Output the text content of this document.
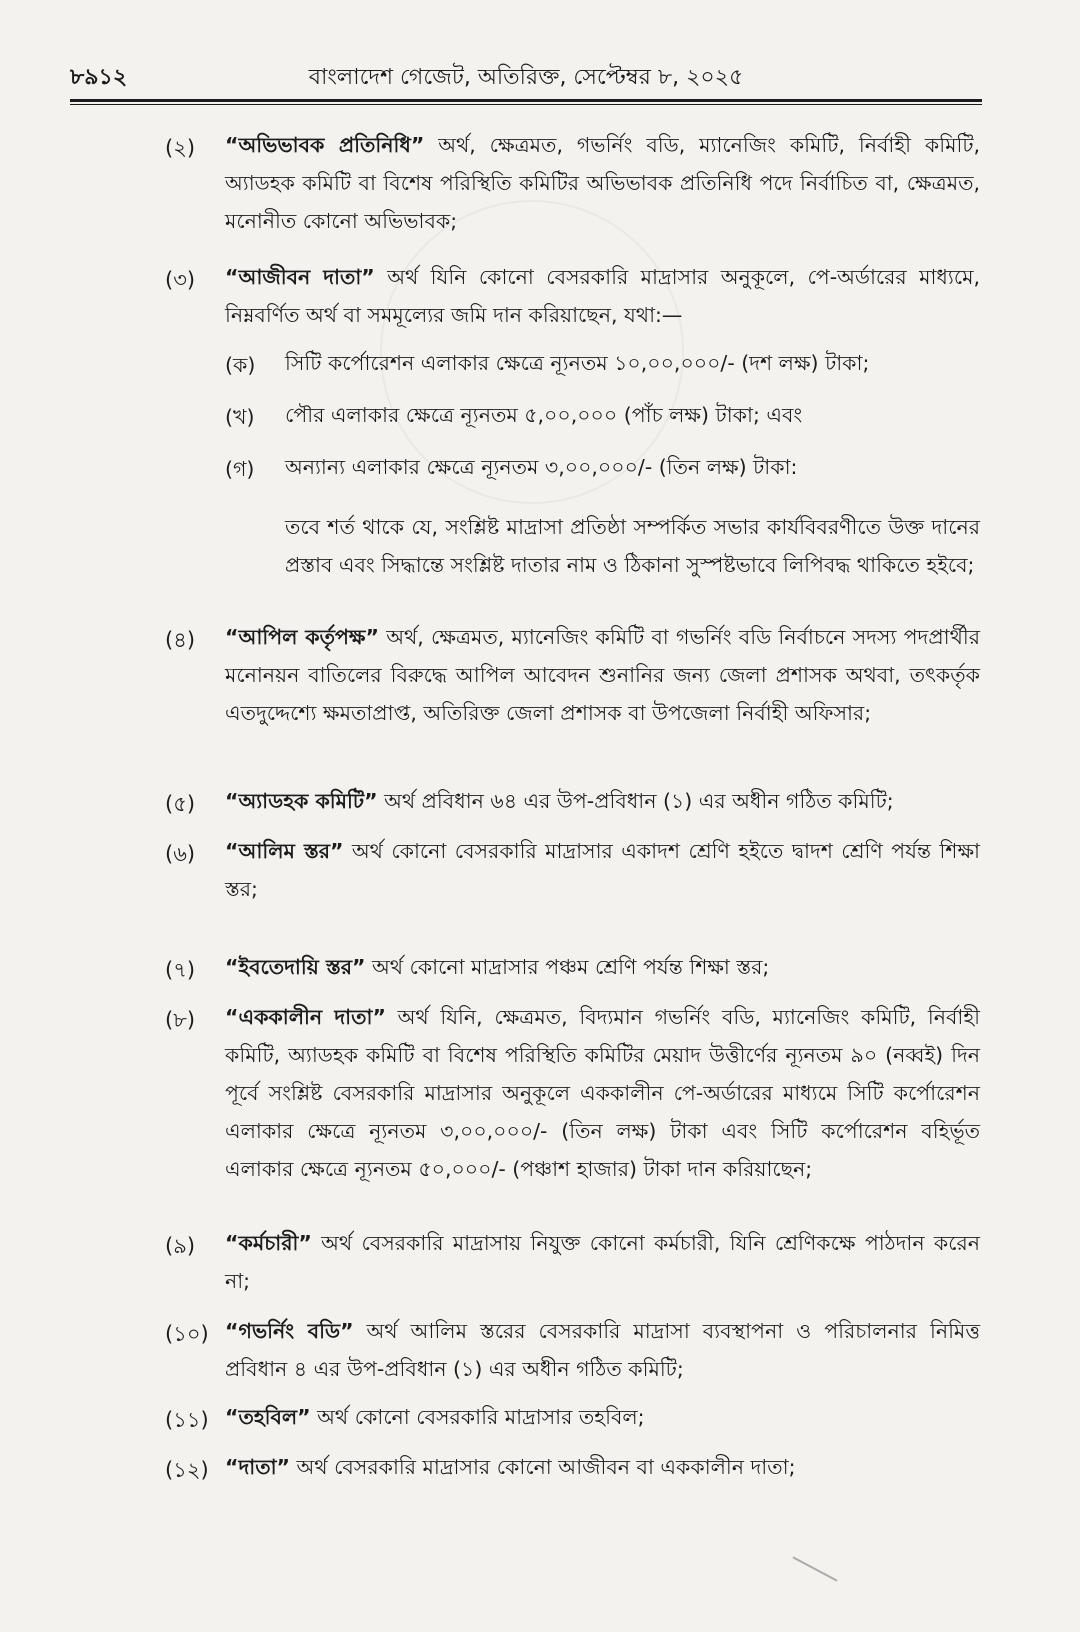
৮৯১২	বাংলাদেশ গেজেট, অতিরিক্ত, সেপ্টেম্বর ৮, ২০২৫
(২) “অভিভাবক প্রতিনিধি” অর্থ, ক্ষেত্রমত, গভর্নিং বডি, ম্যানেজিং কমিটি, নির্বাহী কমিটি, অ্যাডহক কমিটি বা বিশেষ পরিস্থিতি কমিটির অভিভাবক প্রতিনিধি পদে নির্বাচিত বা, ক্ষেত্রমত, মনোনীত কোনো অভিভাবক;
(৩) “আজীবন দাতা” অর্থ যিনি কোনো বেসরকারি মাদ্রাসার অনুকূলে, পে-অর্ডারের মাধ্যমে, নিম্নবর্ণিত অর্থ বা সমমূল্যের জমি দান করিয়াছেন, যথা:—
(ক) সিটি কর্পোরেশন এলাকার ক্ষেত্রে ন্যূনতম ১০,০০,০০০/- (দশ লক্ষ) টাকা;
(খ) পৌর এলাকার ক্ষেত্রে ন্যূনতম ৫,০০,০০০ (পাঁচ লক্ষ) টাকা; এবং
(গ) অন্যান্য এলাকার ক্ষেত্রে ন্যূনতম ৩,০০,০০০/- (তিন লক্ষ) টাকা:
তবে শর্ত থাকে যে, সংশ্লিষ্ট মাদ্রাসা প্রতিষ্ঠা সম্পর্কিত সভার কার্যবিবরণীতে উক্ত দানের প্রস্তাব এবং সিদ্ধান্তে সংশ্লিষ্ট দাতার নাম ও ঠিকানা সুস্পষ্টভাবে লিপিবদ্ধ থাকিতে হইবে;
(৪) “আপিল কর্তৃপক্ষ” অর্থ, ক্ষেত্রমত, ম্যানেজিং কমিটি বা গভর্নিং বডি নির্বাচনে সদস্য পদপ্রার্থীর মনোনয়ন বাতিলের বিরুদ্ধে আপিল আবেদন শুনানির জন্য জেলা প্রশাসক অথবা, তৎকর্তৃক এতদুদ্দেশ্যে ক্ষমতাপ্রাপ্ত, অতিরিক্ত জেলা প্রশাসক বা উপজেলা নির্বাহী অফিসার;
(৫) “অ্যাডহক কমিটি” অর্থ প্রবিধান ৬৪ এর উপ-প্রবিধান (১) এর অধীন গঠিত কমিটি;
(৬) “আলিম স্তর” অর্থ কোনো বেসরকারি মাদ্রাসার একাদশ শ্রেণি হইতে দ্বাদশ শ্রেণি পর্যন্ত শিক্ষা স্তর;
(৭) “ইবতেদায়ি স্তর” অর্থ কোনো মাদ্রাসার পঞ্চম শ্রেণি পর্যন্ত শিক্ষা স্তর;
(৮) “এককালীন দাতা” অর্থ যিনি, ক্ষেত্রমত, বিদ্যমান গভর্নিং বডি, ম্যানেজিং কমিটি, নির্বাহী কমিটি, অ্যাডহক কমিটি বা বিশেষ পরিস্থিতি কমিটির মেয়াদ উত্তীর্ণের ন্যূনতম ৯০ (নব্বই) দিন পূর্বে সংশ্লিষ্ট বেসরকারি মাদ্রাসার অনুকূলে এককালীন পে-অর্ডারের মাধ্যমে সিটি কর্পোরেশন এলাকার ক্ষেত্রে ন্যূনতম ৩,০০,০০০/- (তিন লক্ষ) টাকা এবং সিটি কর্পোরেশন বহির্ভূত এলাকার ক্ষেত্রে ন্যূনতম ৫০,০০০/- (পঞ্চাশ হাজার) টাকা দান করিয়াছেন;
(৯) “কর্মচারী” অর্থ বেসরকারি মাদ্রাসায় নিযুক্ত কোনো কর্মচারী, যিনি শ্রেণিকক্ষে পাঠদান করেন না;
(১০) “গভর্নিং বডি” অর্থ আলিম স্তরের বেসরকারি মাদ্রাসা ব্যবস্থাপনা ও পরিচালনার নিমিত্ত প্রবিধান ৪ এর উপ-প্রবিধান (১) এর অধীন গঠিত কমিটি;
(১১) “তহবিল” অর্থ কোনো বেসরকারি মাদ্রাসার তহবিল;
(১২) “দাতা” অর্থ বেসরকারি মাদ্রাসার কোনো আজীবন বা এককালীন দাতা;
